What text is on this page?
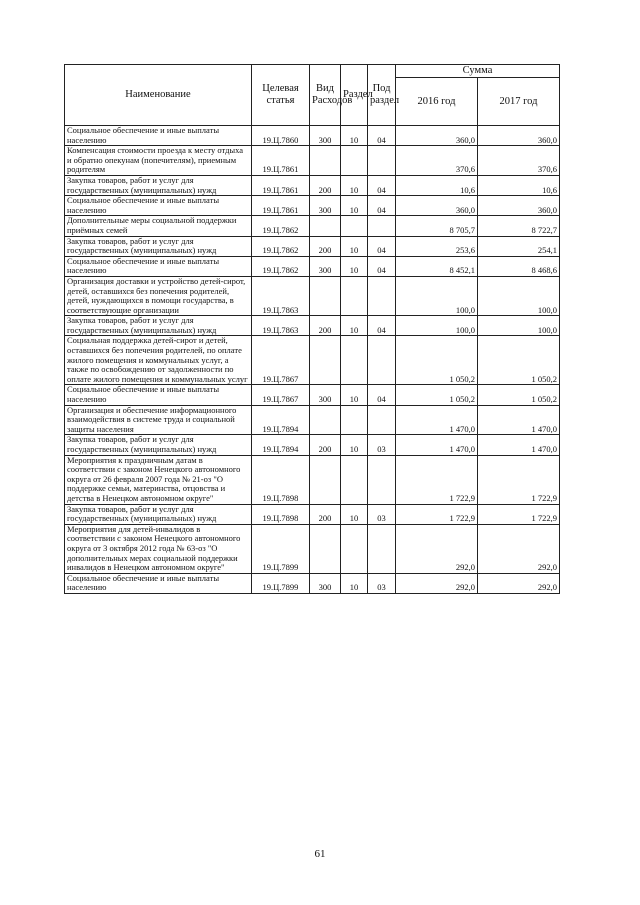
Наименование	Целевая статья	Вид Расходов	Раздел	Под раздел	Сумма	
					2016 год	2017 год
Социальное обеспечение и иные выплаты населению	19.Ц.7860	300	10	04	360,0	360,0
Компенсация стоимости проезда к месту отдыха и обратно опекунам (попечителям), приемным родителям	19.Ц.7861				370,6	370,6
Закупка товаров, работ и услуг для государственных (муниципальных) нужд	19.Ц.7861	200	10	04	10,6	10,6
Социальное обеспечение и иные выплаты населению	19.Ц.7861	300	10	04	360,0	360,0
Дополнительные меры социальной поддержки приёмных семей	19.Ц.7862				8 705,7	8 722,7
Закупка товаров, работ и услуг для государственных (муниципальных) нужд	19.Ц.7862	200	10	04	253,6	254,1
Социальное обеспечение и иные выплаты населению	19.Ц.7862	300	10	04	8 452,1	8 468,6
Организация доставки и устройство детей-сирот, детей, оставшихся без попечения родителей, детей, нуждающихся в помощи государства, в соответствующие организации	19.Ц.7863				100,0	100,0
Закупка товаров, работ и услуг для государственных (муниципальных) нужд	19.Ц.7863	200	10	04	100,0	100,0
Социальная поддержка детей-сирот и детей, оставшихся без попечения родителей, по оплате жилого помещения и коммунальных услуг, а также по освобождению от задолженности по оплате жилого помещения и коммунальных услуг	19.Ц.7867				1 050,2	1 050,2
Социальное обеспечение и иные выплаты населению	19.Ц.7867	300	10	04	1 050,2	1 050,2
Организация и обеспечение информационного взаимодействия в системе труда и социальной защиты населения	19.Ц.7894				1 470,0	1 470,0
Закупка товаров, работ и услуг для государственных (муниципальных) нужд	19.Ц.7894	200	10	03	1 470,0	1 470,0
Мероприятия к праздничным датам в соответствии с законом Ненецкого автономного округа от 26 февраля 2007 года № 21-оз "О поддержке семьи, материнства, отцовства и детства в Ненецком автономном округе"	19.Ц.7898				1 722,9	1 722,9
Закупка товаров, работ и услуг для государственных (муниципальных) нужд	19.Ц.7898	200	10	03	1 722,9	1 722,9
Мероприятия для детей-инвалидов в соответствии с законом Ненецкого автономного округа от 3 октября 2012 года № 63-оз "О дополнительных мерах социальной поддержки инвалидов в Ненецком автономном округе"	19.Ц.7899				292,0	292,0
Социальное обеспечение и иные выплаты населению	19.Ц.7899	300	10	03	292,0	292,0
61
